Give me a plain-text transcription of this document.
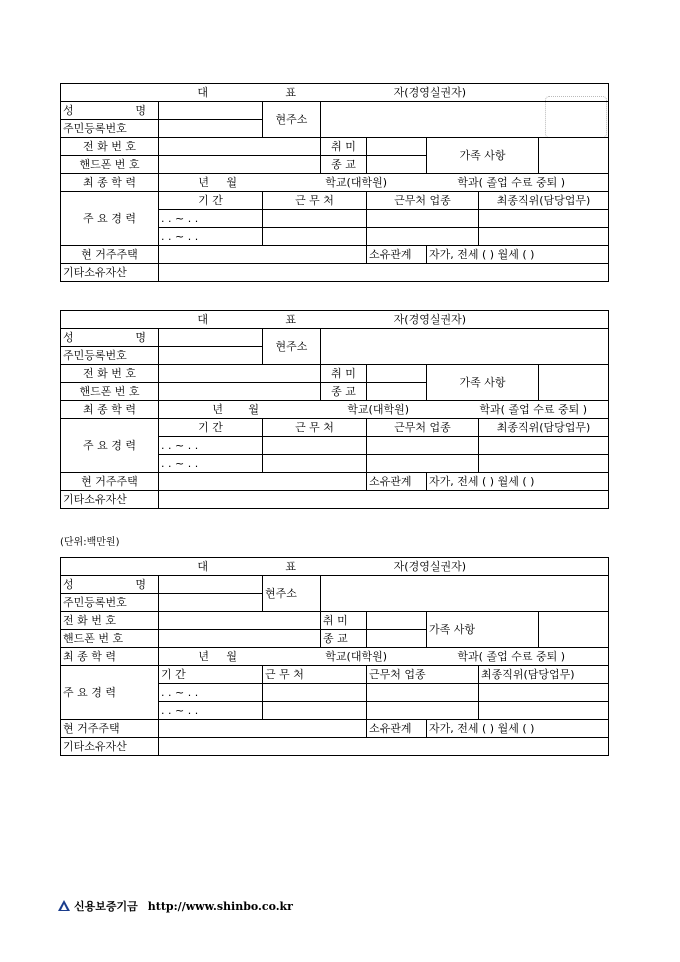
대 표 자(경영실권자)							
성 명		현주소					
주민등록번호							
전 화 번 호			취 미		가족 사항		
핸드폰 번 호			종 교				
최 종 학 력	년 월 학교(대학원) 학과( 졸업 수료 중퇴 )						
주 요 경 력	기 간	근 무 처		근무처 업종		최종직위(담당업무)	
	. . ~ . .						
	. . ~ . .						
현 거주주택				소유관계	자가, 전세 ( ) 월세 ( )		
기타소유자산							
대 표 자(경영실권자)							
성 명		현주소					
주민등록번호							
전 화 번 호			취 미		가족 사항		
핸드폰 번 호			종 교				
최 종 학 력	년 월 학교(대학원) 학과( 졸업 수료 중퇴 )						
주 요 경 력	기 간	근 무 처		근무처 업종		최종직위(담당업무)	
	. . ~ . .						
	. . ~ . .						
현 거주주택				소유관계	자가, 전세 ( ) 월세 ( )		
기타소유자산							
(단위:백만원)
대 표 자(경영실권자)							
성 명		현주소					
주민등록번호							
전 화 번 호			취 미		가족 사항		
핸드폰 번 호			종 교				
최 종 학 력	년 월 학교(대학원) 학과( 졸업 수료 중퇴 )						
주 요 경 력	기 간	근 무 처		근무처 업종		최종직위(담당업무)	
	. . ~ . .						
	. . ~ . .						
현 거주주택				소유관계	자가, 전세 ( ) 월세 ( )		
기타소유자산							
신용보증기금 http://www.shinbo.co.kr
